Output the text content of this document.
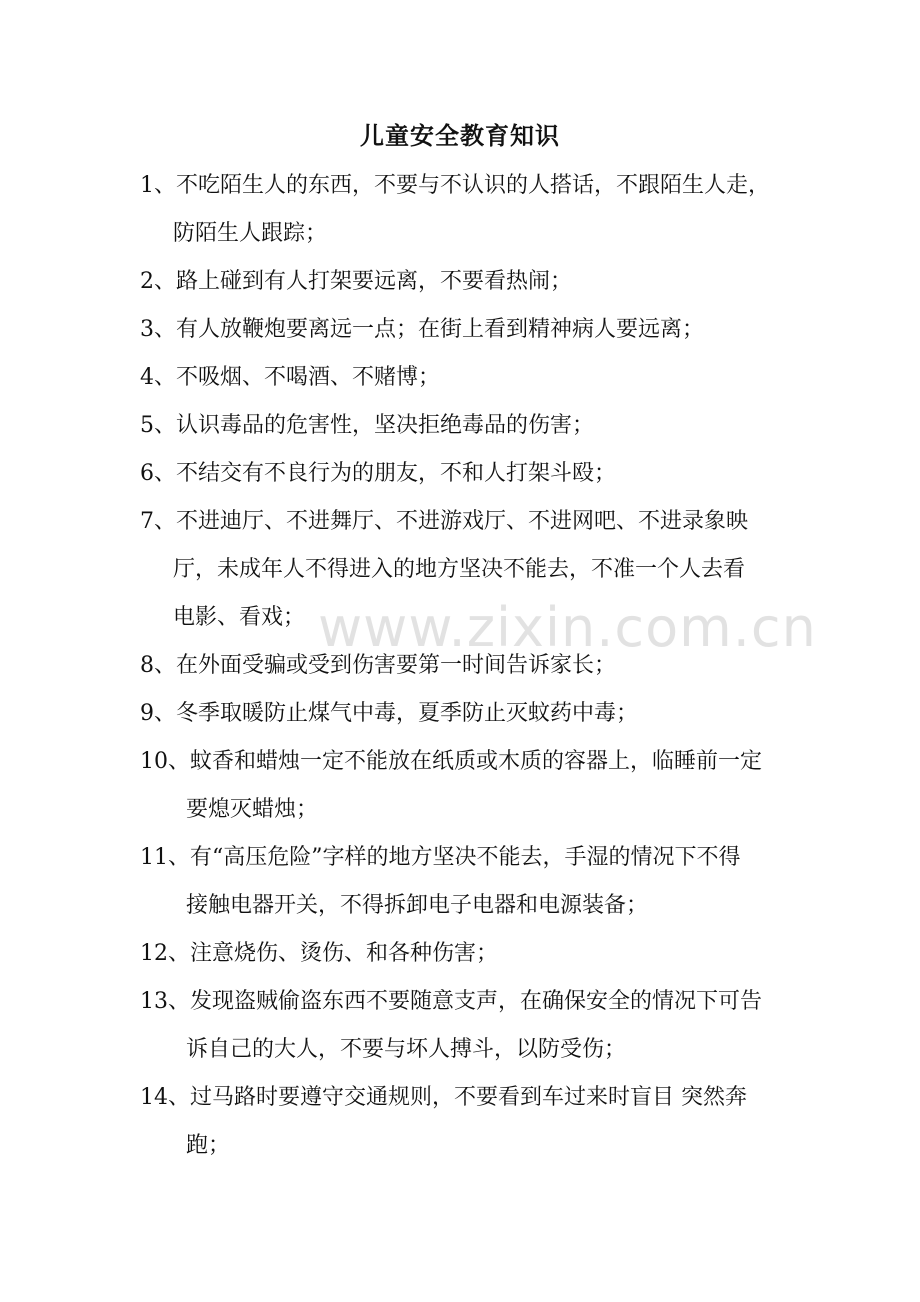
儿童安全教育知识
1、不吃陌生人的东西，不要与不认识的人搭话，不跟陌生人走，
防陌生人跟踪；
2、路上碰到有人打架要远离，不要看热闹；
3、有人放鞭炮要离远一点；在街上看到精神病人要远离；
4、不吸烟、不喝酒、不赌博；
5、认识毒品的危害性，坚决拒绝毒品的伤害；
6、不结交有不良行为的朋友，不和人打架斗殴；
7、不进迪厅、不进舞厅、不进游戏厅、不进网吧、不进录象映
厅，未成年人不得进入的地方坚决不能去，不准一个人去看
电影、看戏；
8、在外面受骗或受到伤害要第一时间告诉家长；
9、冬季取暖防止煤气中毒，夏季防止灭蚊药中毒；
10、蚊香和蜡烛一定不能放在纸质或木质的容器上，临睡前一定
要熄灭蜡烛；
11、有“高压危险”字样的地方坚决不能去，手湿的情况下不得
接触电器开关，不得拆卸电子电器和电源装备；
12、注意烧伤、烫伤、和各种伤害；
13、发现盗贼偷盗东西不要随意支声，在确保安全的情况下可告
诉自己的大人，不要与坏人搏斗，以防受伤；
14、过马路时要遵守交通规则，不要看到车过来时盲目 突然奔
跑；
www.zixin.com.cn
